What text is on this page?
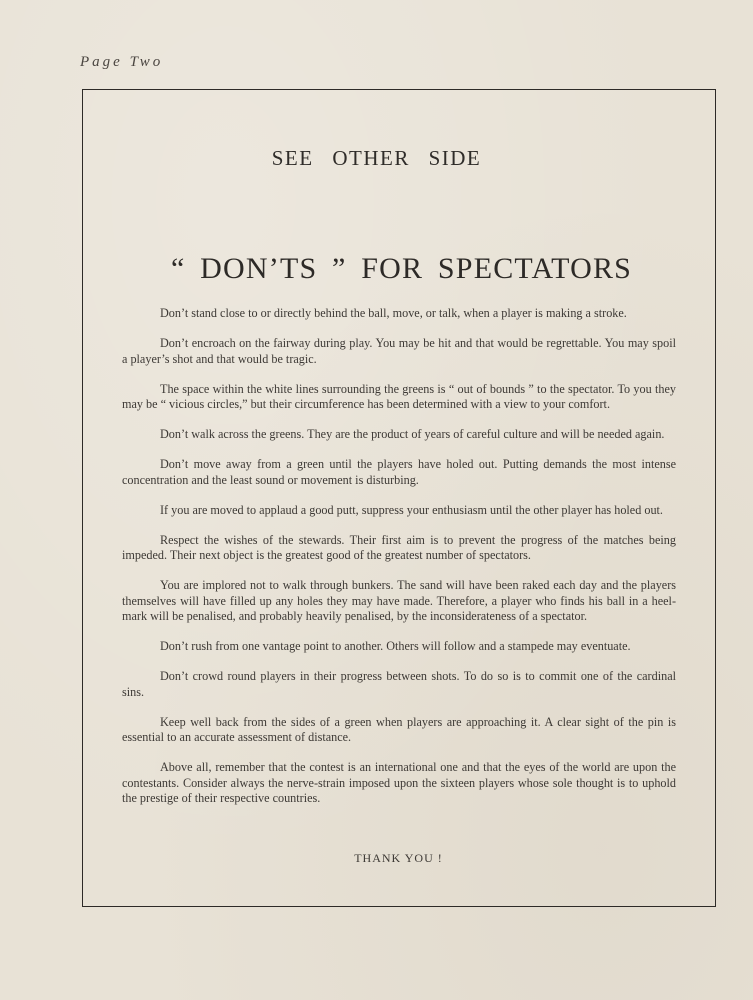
Page Two
SEE OTHER SIDE
“ DON’TS ” FOR SPECTATORS

Don’t stand close to or directly behind the ball, move, or talk, when a player is making a stroke.

Don’t encroach on the fairway during play. You may be hit and that would be regrettable. You may spoil a player’s shot and that would be tragic.

The space within the white lines surrounding the greens is “ out of bounds ” to the spectator. To you they may be “ vicious circles,” but their circumference has been determined with a view to your comfort.

Don’t walk across the greens. They are the product of years of careful culture and will be needed again.

Don’t move away from a green until the players have holed out. Putting demands the most intense concentration and the least sound or movement is disturbing.

If you are moved to applaud a good putt, suppress your enthusiasm until the other player has holed out.

Respect the wishes of the stewards. Their first aim is to prevent the progress of the matches being impeded. Their next object is the greatest good of the greatest number of spectators.

You are implored not to walk through bunkers. The sand will have been raked each day and the players themselves will have filled up any holes they may have made. Therefore, a player who finds his ball in a heel-mark will be penalised, and probably heavily penalised, by the inconsiderateness of a spectator.

Don’t rush from one vantage point to another. Others will follow and a stampede may eventuate.

Don’t crowd round players in their progress between shots. To do so is to commit one of the cardinal sins.

Keep well back from the sides of a green when players are approaching it. A clear sight of the pin is essential to an accurate assessment of distance.

Above all, remember that the contest is an international one and that the eyes of the world are upon the contestants. Consider always the nerve-strain imposed upon the sixteen players whose sole thought is to uphold the prestige of their respective countries.

THANK YOU !
